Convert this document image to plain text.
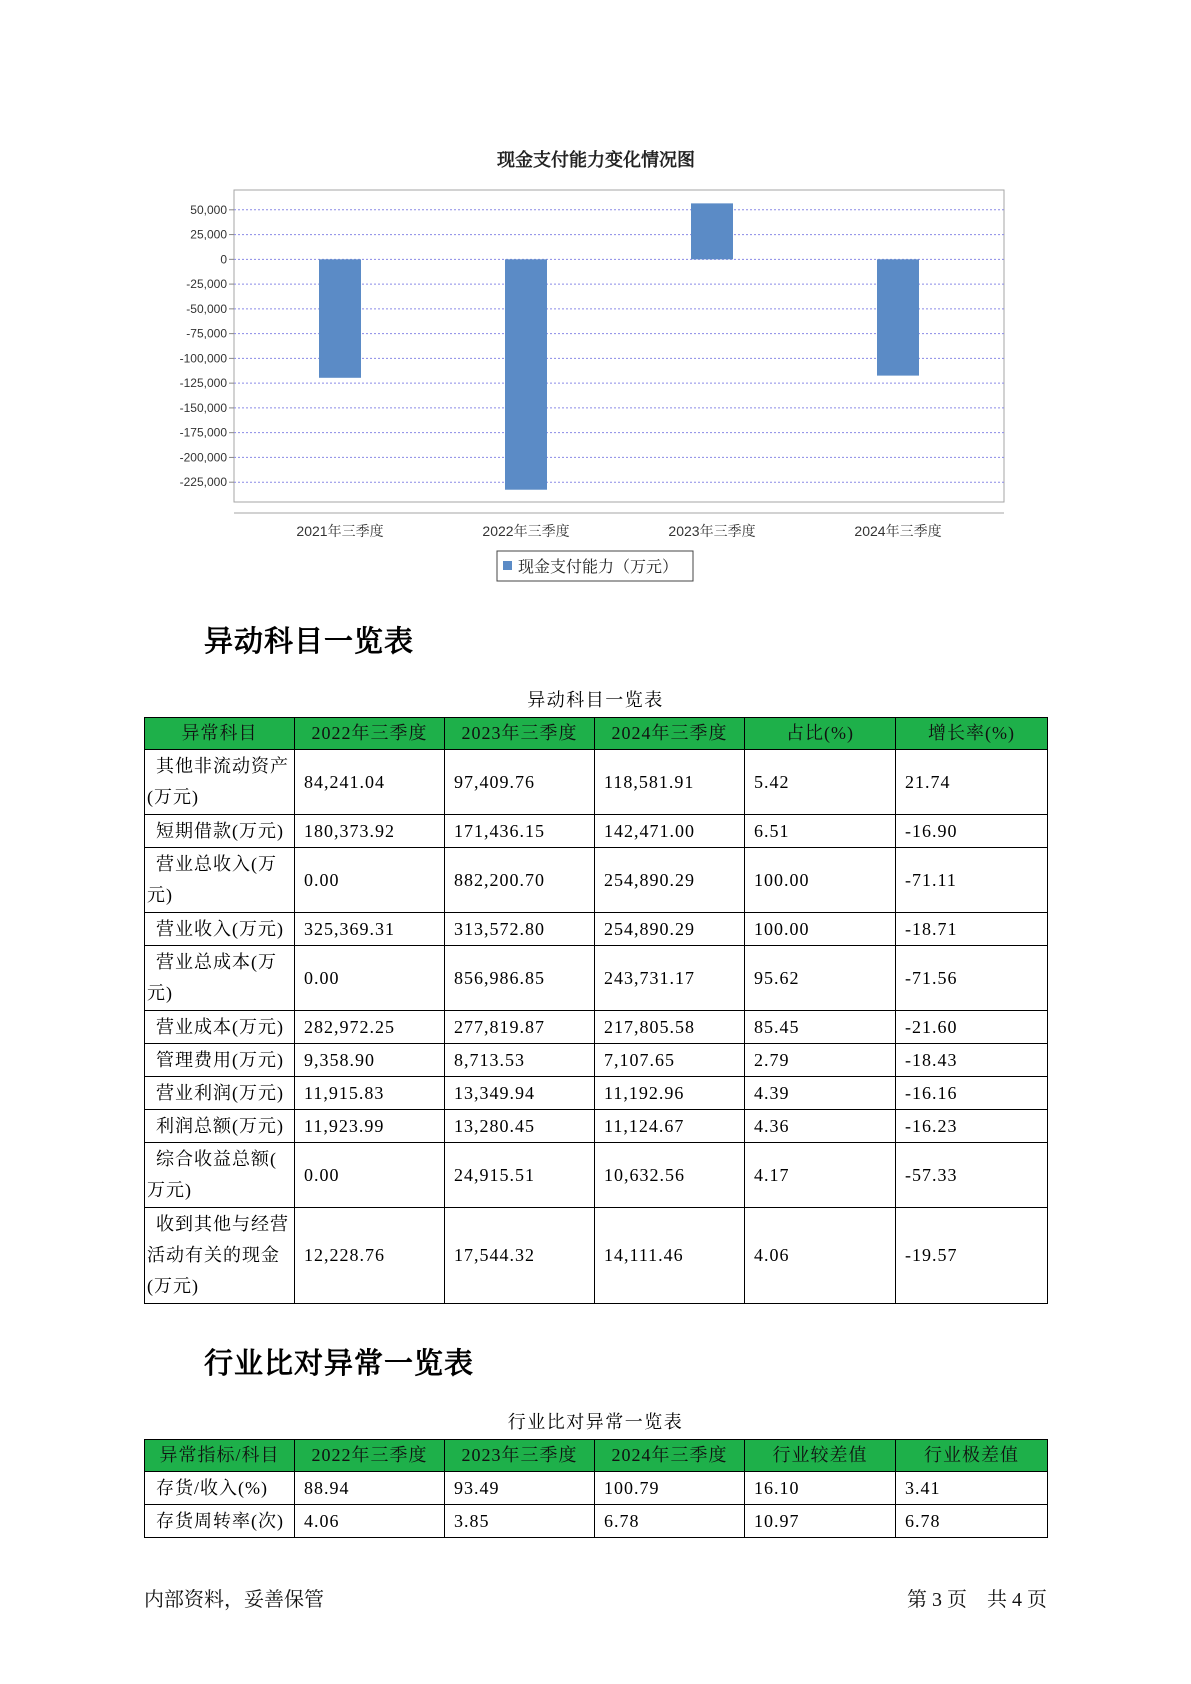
现金支付能力变化情况图
50,000
25,000
0
-25,000
-50,000
-75,000
-100,000
-125,000
-150,000
-175,000
-200,000
-225,000
2021年三季度	2022年三季度	2023年三季度	2024年三季度
现金支付能力（万元）
异动科目一览表
异动科目一览表
异常科目	2022年三季度	2023年三季度	2024年三季度	占比(%)	增长率(%)

其他非流动资产
(万元)	84,241.04	97,409.76	118,581.91	5.42	21.74

短期借款(万元)	180,373.92	171,436.15	142,471.00	6.51	-16.90

营业总收入(万
元)	0.00	882,200.70	254,890.29	100.00	-71.11

营业收入(万元)	325,369.31	313,572.80	254,890.29	100.00	-18.71

营业总成本(万
元)	0.00	856,986.85	243,731.17	95.62	-71.56

营业成本(万元)	282,972.25	277,819.87	217,805.58	85.45	-21.60

管理费用(万元)	9,358.90	8,713.53	7,107.65	2.79	-18.43

营业利润(万元)	11,915.83	13,349.94	11,192.96	4.39	-16.16

利润总额(万元)	11,923.99	13,280.45	11,124.67	4.36	-16.23

综合收益总额(
万元)	0.00	24,915.51	10,632.56	4.17	-57.33

收到其他与经营
活动有关的现金
(万元)	12,228.76	17,544.32	14,111.46	4.06	-19.57
行业比对异常一览表
行业比对异常一览表
异常指标/科目	2022年三季度	2023年三季度	2024年三季度	行业较差值	行业极差值

存货/收入(%)	88.94	93.49	100.79	16.10	3.41

存货周转率(次)	4.06	3.85	6.78	10.97	6.78
内部资料，妥善保管	第 3 页 共 4 页
